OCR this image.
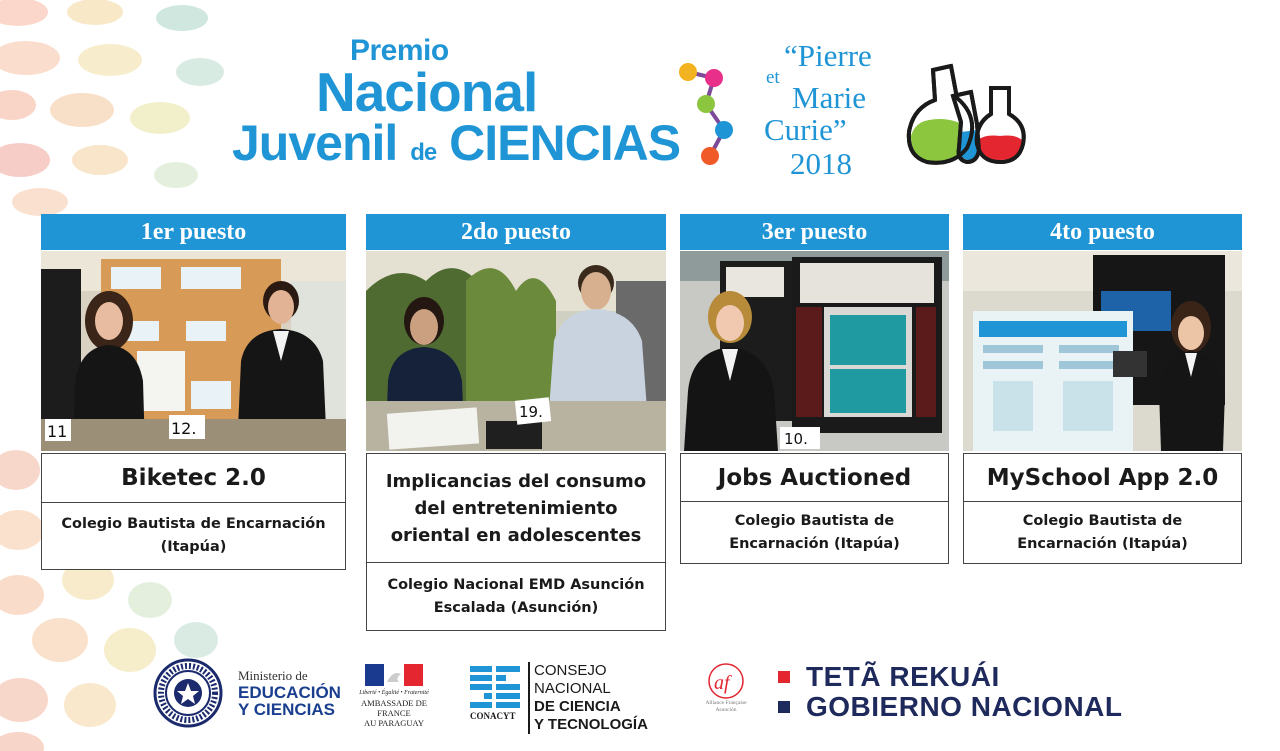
Premio
Nacional
Juvenil de CIENCIAS
“Pierre
et
Marie
Curie”
2018
1er puesto
11	12.
Biketec 2.0
Colegio Bautista de Encarnación
(Itapúa)
2do puesto
19.
Implicancias del consumo
del entretenimiento
oriental en adolescentes
Colegio Nacional EMD Asunción
Escalada (Asunción)
3er puesto
10.
Jobs Auctioned
Colegio Bautista de
Encarnación (Itapúa)
4to puesto
MySchool App 2.0
Colegio Bautista de
Encarnación (Itapúa)
Ministerio de
EDUCACIÓN
Y CIENCIAS
Liberté • Égalité • Fraternité
AMBASSADE DE FRANCE
AU PARAGUAY
CONSEJO NACIONAL
DE CIENCIA
Y TECNOLOGÍA
CONACYT
af
Alliance Française
Asunción
TETÃ REKUÁI
GOBIERNO NACIONAL
